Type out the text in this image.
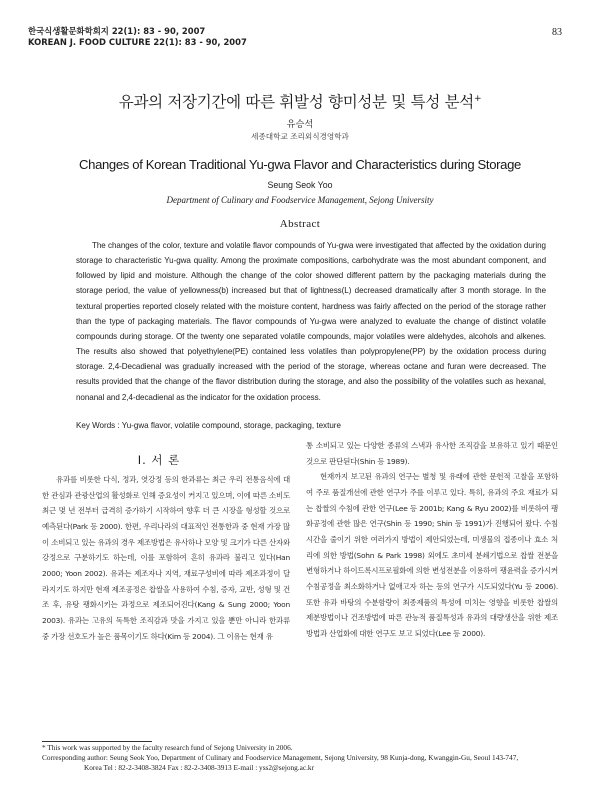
한국식생활문화학회지 22(1): 83 - 90, 2007
KOREAN J. FOOD CULTURE 22(1): 83 - 90, 2007
83
유과의 저장기간에 따른 휘발성 향미성분 및 특성 분석+
유승석
세종대학교 조리외식경영학과
Changes of Korean Traditional Yu-gwa Flavor and Characteristics during Storage
Seung Seok Yoo
Department of Culinary and Foodservice Management, Sejong University
Abstract

The changes of the color, texture and volatile flavor compounds of Yu-gwa were investigated that affected by the oxidation during storage to characteristic Yu-gwa quality. Among the proximate compositions, carbohydrate was the most abundant component, and followed by lipid and moisture. Although the change of the color showed different pattern by the packaging materials during the storage period, the value of yellowness(b) increased but that of lightness(L) decreased dramatically after 3 month storage. In the textural properties reported closely related with the moisture content, hardness was fairly affected on the period of the storage rather than the type of packaging materials. The flavor compounds of Yu-gwa were analyzed to evaluate the change of distinct volatile compounds during storage. Of the twenty one separated volatile compounds, major volatiles were aldehydes, alcohols and alkenes. The results also showed that polyethylene(PE) contained less volatiles than polypropylene(PP) by the oxidation process during storage. 2,4-Decadienal was gradually increased with the period of the storage, whereas octane and furan were decreased. The results provided that the change of the flavor distribution during the storage, and also the possibility of the volatiles such as hexanal, nonanal and 2,4-decadienal as the indicator for the oxidation process.

Key Words : Yu-gwa flavor, volatile compound, storage, packaging, texture
I. 서 론

유과를 비롯한 다식, 정과, 엿강정 등의 한과류는 최근 우리 전통음식에 대한 관심과 관광산업의 활성화로 인해 증요성이 커지고 있으며, 이에 따른 소비도 최근 몇 년 전부터 급격히 증가하기 시작하여 향후 더 큰 시장을 형성할 것으로 예측된다(Park 등 2000). 한편, 우리나라의 대표적인 전통한과 중 현재 가장 많이 소비되고 있는 유과의 경우 제조방법은 유사하나 모양 및 크기가 다른 산자와 강정으로 구분하기도 하는데, 이를 포함하여 흔히 유과라 불리고 있다(Han 2000; Yoon 2002). 유과는 제조자나 지역, 재료구성비에 따라 제조과정이 달라지기도 하지만 현재 제조공정은 찹쌀을 사용하여 수침, 증자, 교반, 성형 및 건조 후, 유탕 팽화시키는 과정으로 제조되어진다(Kang & Sung 2000; Yoon 2003). 유과는 고유의 독특한 조직감과 맛을 가지고 있을 뿐만 아니라 한과류 중 가장 선호도가 높은 품목이기도 하다(Kim 등 2004). 그 이유는 현재 유

통 소비되고 있는 다양한 종류의 스낵과 유사한 조직감을 보유하고 있기 때문인 것으로 판단된다(Shin 등 1989).

현재까지 보고된 유과의 연구는 별청 및 유래에 관한 문헌적 고찰을 포함하여 주로 품질개선에 관한 연구가 주를 이루고 있다. 특히, 유과의 주요 재료가 되는 찹쌀의 수침에 관한 연구(Lee 등 2001b; Kang & Ryu 2002)를 비롯하여 팽화공정에 관한 많은 연구(Shin 등 1990; Shin 등 1991)가 진행되어 왔다. 수침시간을 줄이기 위한 여러가지 방법이 제안되었는데, 미생물의 접종이나 효소 처리에 의한 방법(Sohn & Park 1998) 외에도 초미세 분쇄기법으로 찹쌀 전분을 변형하거나 하이드록시프로필화에 의한 변성전분을 이용하여 팽윤력을 증가시켜 수침공정을 최소화하거나 없애고자 하는 등의 연구가 시도되었다(Yu 등 2006). 또한 유과 바탕의 수분함량이 최종제품의 특성에 미치는 영향을 비롯한 찹쌀의 제분방법이나 건조방법에 따른 관능적 품질특성과 유과의 대량생산을 위한 제조방법과 산업화에 대한 연구도 보고 되었다(Lee 등 2000).

* This work was supported by the faculty research fund of Sejong University in 2006.
Corresponding author: Seung Seok Yoo, Department of Culinary and Foodservice Management, Sejong University, 98 Kunja-dong, Kwanggin-Gu, Seoul 143-747,
Korea Tel : 82-2-3408-3824 Fax : 82-2-3408-3913 E-mail : yss2@sejong.ac.kr
